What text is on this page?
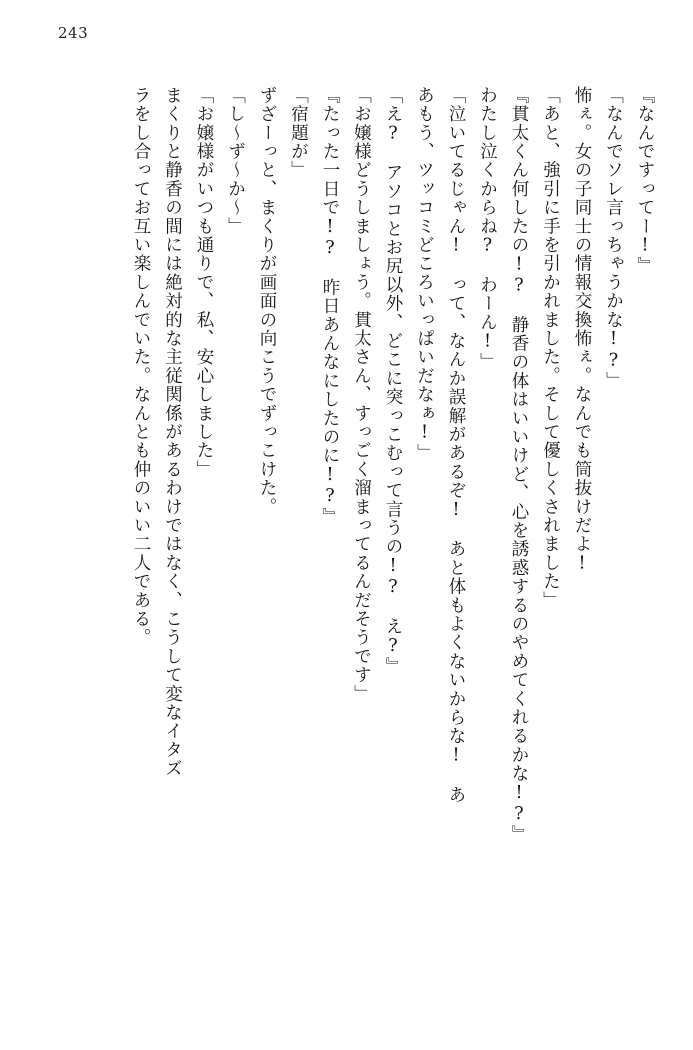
243

『なんですってー!』

「なんでソレ言っちゃうかな!?」

怖ぇ。女の子同士の情報交換怖ぇ。なんでも筒抜けだよ!

「あと、強引に手を引かれました。そして優しくされました」

『貫太くん何したの!?　静香の体はいいけど、心を誘惑するのやめてくれるかな!?』

わたし泣くからね?　わーん!」

「泣いてるじゃん!　って、なんか誤解があるぞ!　あと体もよくないからな!　あ

あもう、ツッコミどころいっぱいだなぁ!」

「え?　アソコとお尻以外、どこに突っこむって言うの!?　え?』

「お嬢様どうしましょう。貫太さん、すっごく溜まってるんだそうです」

『たった一日で!?　昨日あんなにしたのに!?』

「宿題が」

ずざーっと、まくりが画面の向こうでずっこけた。

「し〜ず〜か〜」

「お嬢様がいつも通りで、私、安心しました」

まくりと静香の間には絶対的な主従関係があるわけではなく、こうして変なイタズ

ラをし合ってお互い楽しんでいた。なんとも仲のいい二人である。
